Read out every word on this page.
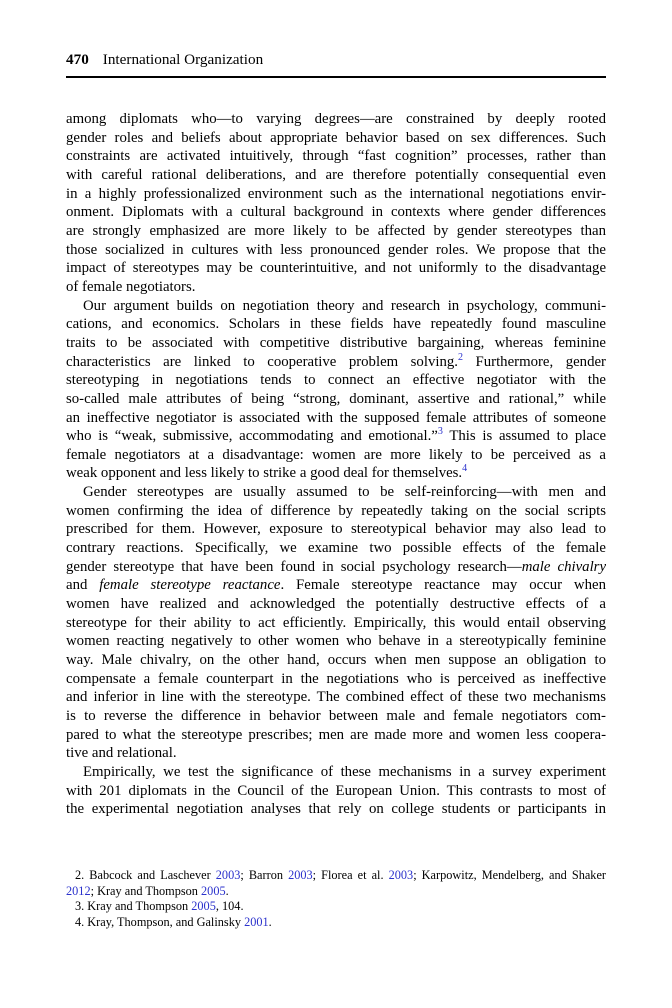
470 International Organization
among diplomats who—to varying degrees—are constrained by deeply rooted
gender roles and beliefs about appropriate behavior based on sex differences. Such
constraints are activated intuitively, through “fast cognition” processes, rather than
with careful rational deliberations, and are therefore potentially consequential even
in a highly professionalized environment such as the international negotiations envir-
onment. Diplomats with a cultural background in contexts where gender differences
are strongly emphasized are more likely to be affected by gender stereotypes than
those socialized in cultures with less pronounced gender roles. We propose that the
impact of stereotypes may be counterintuitive, and not uniformly to the disadvantage
of female negotiators.
Our argument builds on negotiation theory and research in psychology, communi-
cations, and economics. Scholars in these fields have repeatedly found masculine
traits to be associated with competitive distributive bargaining, whereas feminine
characteristics are linked to cooperative problem solving.$^2$ Furthermore, gender
stereotyping in negotiations tends to connect an effective negotiator with the
so-called male attributes of being “strong, dominant, assertive and rational,” while
an ineffective negotiator is associated with the supposed female attributes of someone
who is “weak, submissive, accommodating and emotional.”$^3$ This is assumed to place
female negotiators at a disadvantage: women are more likely to be perceived as a
weak opponent and less likely to strike a good deal for themselves.$^4$
Gender stereotypes are usually assumed to be self-reinforcing—with men and
women confirming the idea of difference by repeatedly taking on the social scripts
prescribed for them. However, exposure to stereotypical behavior may also lead to
contrary reactions. Specifically, we examine two possible effects of the female
gender stereotype that have been found in social psychology research—male chivalry
and female stereotype reactance. Female stereotype reactance may occur when
women have realized and acknowledged the potentially destructive effects of a
stereotype for their ability to act efficiently. Empirically, this would entail observing
women reacting negatively to other women who behave in a stereotypically feminine
way. Male chivalry, on the other hand, occurs when men suppose an obligation to
compensate a female counterpart in the negotiations who is perceived as ineffective
and inferior in line with the stereotype. The combined effect of these two mechanisms
is to reverse the difference in behavior between male and female negotiators com-
pared to what the stereotype prescribes; men are made more and women less coopera-
tive and relational.
Empirically, we test the significance of these mechanisms in a survey experiment
with 201 diplomats in the Council of the European Union. This contrasts to most of
the experimental negotiation analyses that rely on college students or participants in
2. Babcock and Laschever 2003; Barron 2003; Florea et al. 2003; Karpowitz, Mendelberg, and Shaker
2012; Kray and Thompson 2005.
3. Kray and Thompson 2005, 104.
4. Kray, Thompson, and Galinsky 2001.
